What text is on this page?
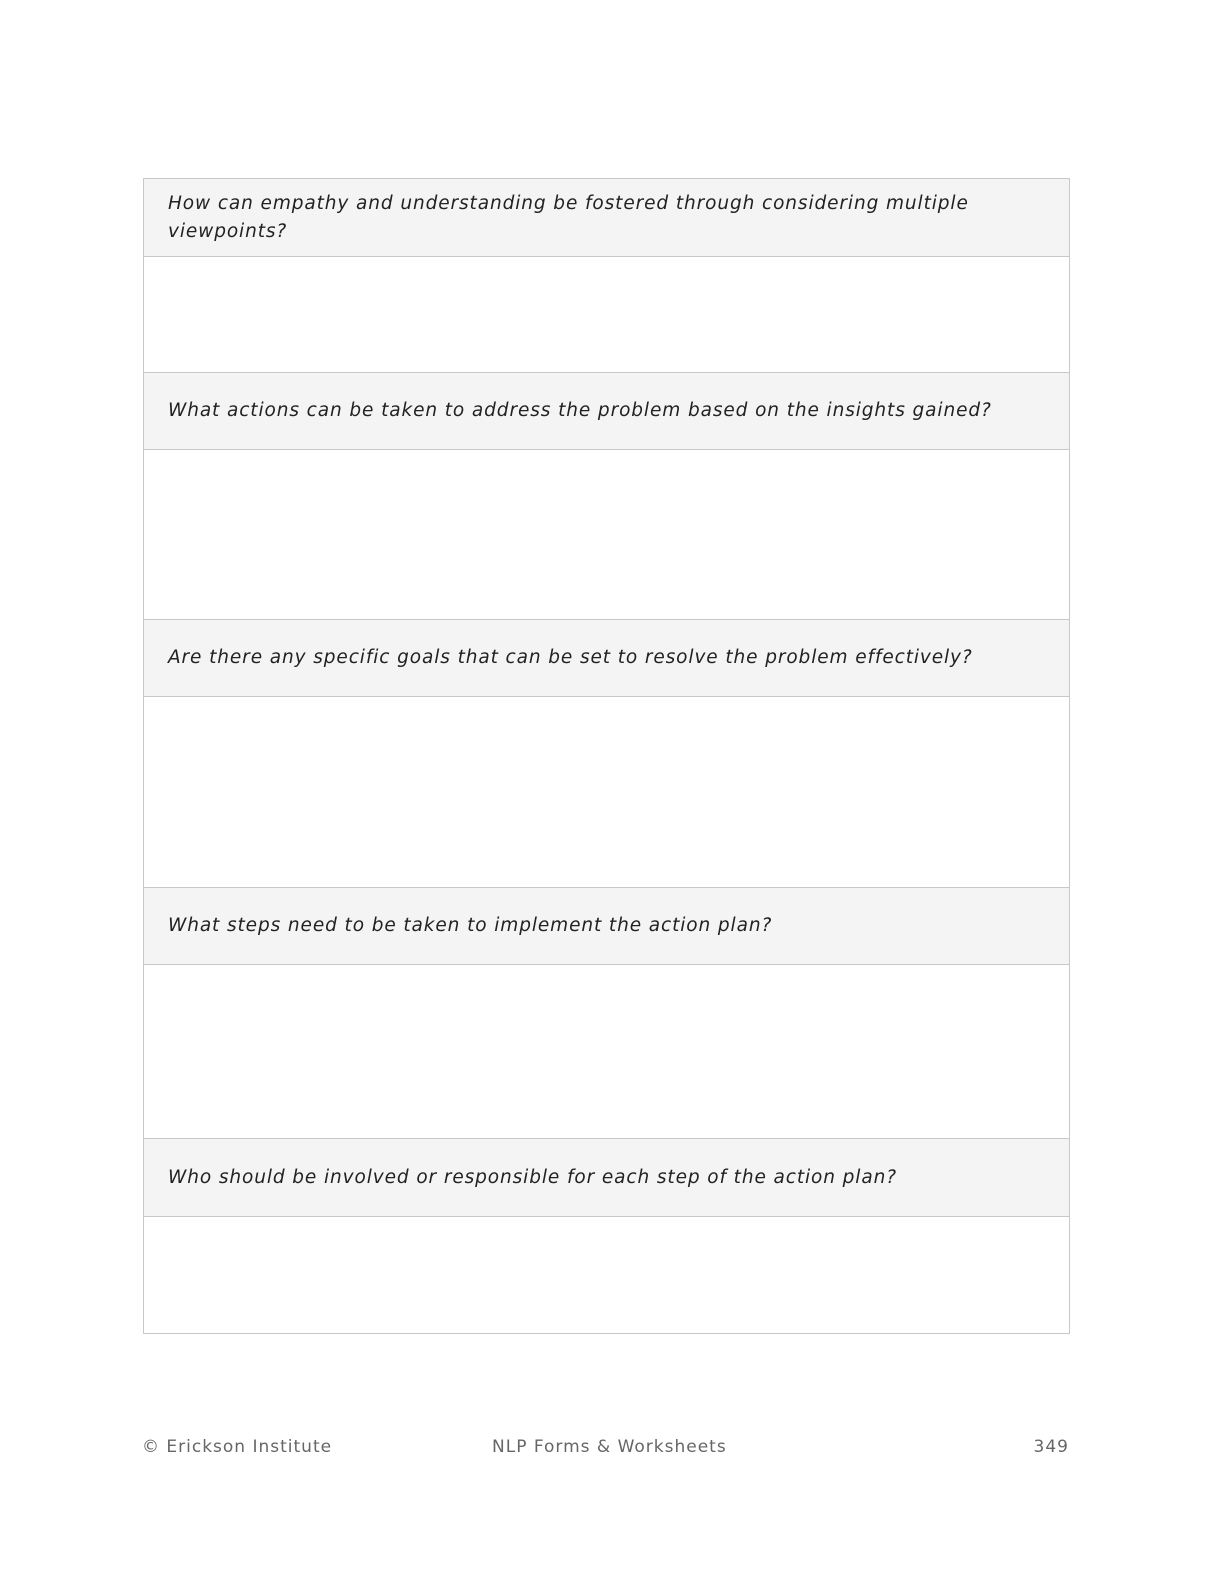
How can empathy and understanding be fostered through considering multiple viewpoints?
What actions can be taken to address the problem based on the insights gained?
Are there any specific goals that can be set to resolve the problem effectively?
What steps need to be taken to implement the action plan?
Who should be involved or responsible for each step of the action plan?
© Erickson Institute	NLP Forms & Worksheets	349
